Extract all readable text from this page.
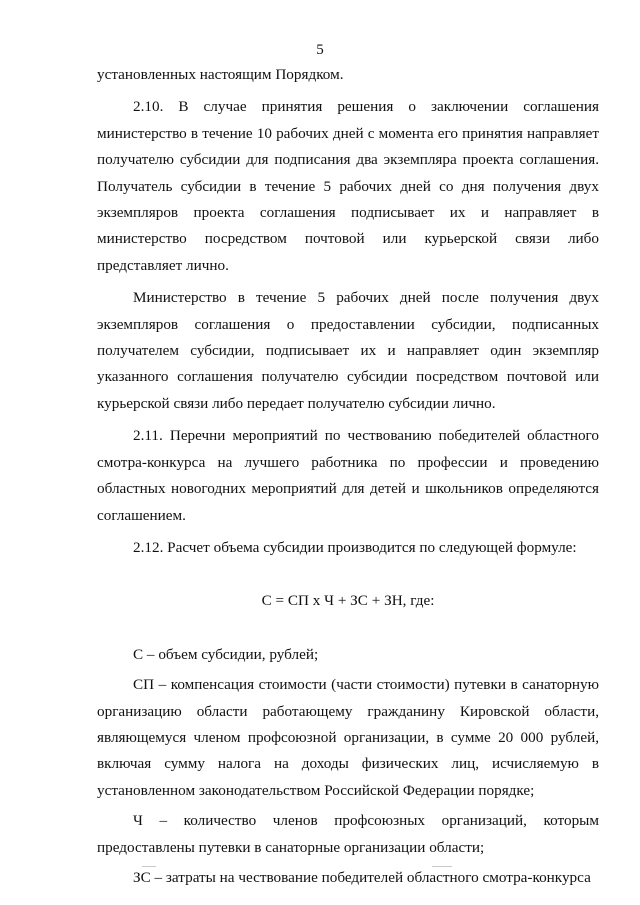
5

установленных настоящим Порядком.

2.10. В случае принятия решения о заключении соглашения министерство в течение 10 рабочих дней с момента его принятия направляет получателю субсидии для подписания два экземпляра проекта соглашения. Получатель субсидии в течение 5 рабочих дней со дня получения двух экземпляров проекта соглашения подписывает их и направляет в министерство посредством почтовой или курьерской связи либо представляет лично.

Министерство в течение 5 рабочих дней после получения двух экземпляров соглашения о предоставлении субсидии, подписанных получателем субсидии, подписывает их и направляет один экземпляр указанного соглашения получателю субсидии посредством почтовой или курьерской связи либо передает получателю субсидии лично.

2.11. Перечни мероприятий по чествованию победителей областного смотра-конкурса на лучшего работника по профессии и проведению областных новогодних мероприятий для детей и школьников определяются соглашением.

2.12. Расчет объема субсидии производится по следующей формуле:

С = СП х Ч + ЗС + ЗН, где:

С – объем субсидии, рублей;

СП – компенсация стоимости (части стоимости) путевки в санаторную организацию области работающему гражданину Кировской области, являющемуся членом профсоюзной организации, в сумме 20 000 рублей, включая сумму налога на доходы физических лиц, исчисляемую в установленном законодательством Российской Федерации порядке;

Ч – количество членов профсоюзных организаций, которым предоставлены путевки в санаторные организации области;

ЗС – затраты на чествование победителей областного смотра-конкурса
